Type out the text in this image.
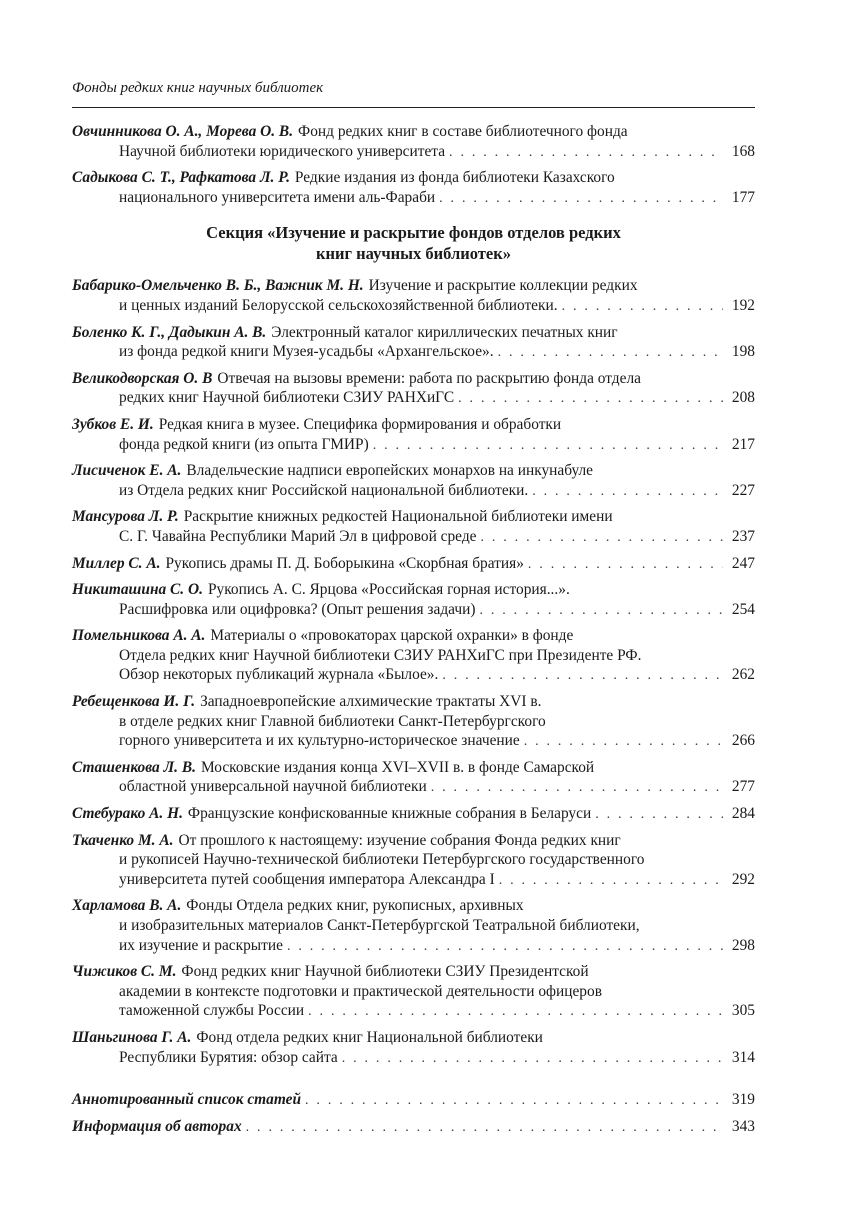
Фонды редких книг научных библиотек
Овчинникова О. А., Морева О. В. Фонд редких книг в составе библиотечного фонда
Научной библиотеки юридического университета . . .	168
Садыкова С. Т., Рафкатова Л. Р. Редкие издания из фонда библиотеки Казахского
национального университета имени аль-Фараби . . .	177
Секция «Изучение и раскрытие фондов отделов редких
книг научных библиотек»
Бабарико-Омельченко В. Б., Важник М. Н. Изучение и раскрытие коллекции редких
и ценных изданий Белорусской сельскохозяйственной библиотеки. . . .	192
Боленко К. Г., Дадыкин А. В. Электронный каталог кириллических печатных книг
из фонда редкой книги Музея-усадьбы «Архангельское». . . .	198
Великодворская О. В Отвечая на вызовы времени: работа по раскрытию фонда отдела
редких книг Научной библиотеки СЗИУ РАНХиГС . . .	208
Зубков Е. И. Редкая книга в музее. Специфика формирования и обработки
фонда редкой книги (из опыта ГМИР) . . .	217
Лисиченок Е. А. Владельческие надписи европейских монархов на инкунабуле
из Отдела редких книг Российской национальной библиотеки. . . .	227
Мансурова Л. Р. Раскрытие книжных редкостей Национальной библиотеки имени
С. Г. Чавайна Республики Марий Эл в цифровой среде . . .	237
Миллер С. А. Рукопись драмы П. Д. Боборыкина «Скорбная братия» . . .	247
Никиташина С. О. Рукопись А. С. Ярцова «Российская горная история...».
Расшифровка или оцифровка? (Опыт решения задачи) . . .	254
Помельникова А. А. Материалы о «провокаторах царской охранки» в фонде
Отдела редких книг Научной библиотеки СЗИУ РАНХиГС при Президенте РФ.
Обзор некоторых публикаций журнала «Былое». . . .	262
Ребещенкова И. Г. Западноевропейские алхимические трактаты XVI в.
в отделе редких книг Главной библиотеки Санкт-Петербургского
горного университета и их культурно-историческое значение . . .	266
Сташенкова Л. В. Московские издания конца XVI–XVII в. в фонде Самарской
областной универсальной научной библиотеки . . .	277
Стебурако А. Н. Французские конфискованные книжные собрания в Беларуси . . .	284
Ткаченко М. А. От прошлого к настоящему: изучение собрания Фонда редких книг
и рукописей Научно-технической библиотеки Петербургского государственного
университета путей сообщения императора Александра I . . .	292
Харламова В. А. Фонды Отдела редких книг, рукописных, архивных
и изобразительных материалов Санкт-Петербургской Театральной библиотеки,
их изучение и раскрытие . . .	298
Чижиков С. М. Фонд редких книг Научной библиотеки СЗИУ Президентской
академии в контексте подготовки и практической деятельности офицеров
таможенной службы России . . .	305
Шаньгинова Г. А. Фонд отдела редких книг Национальной библиотеки
Республики Бурятия: обзор сайта . . .	314
Аннотированный список статей . . .	319
Информация об авторах . . .	343
